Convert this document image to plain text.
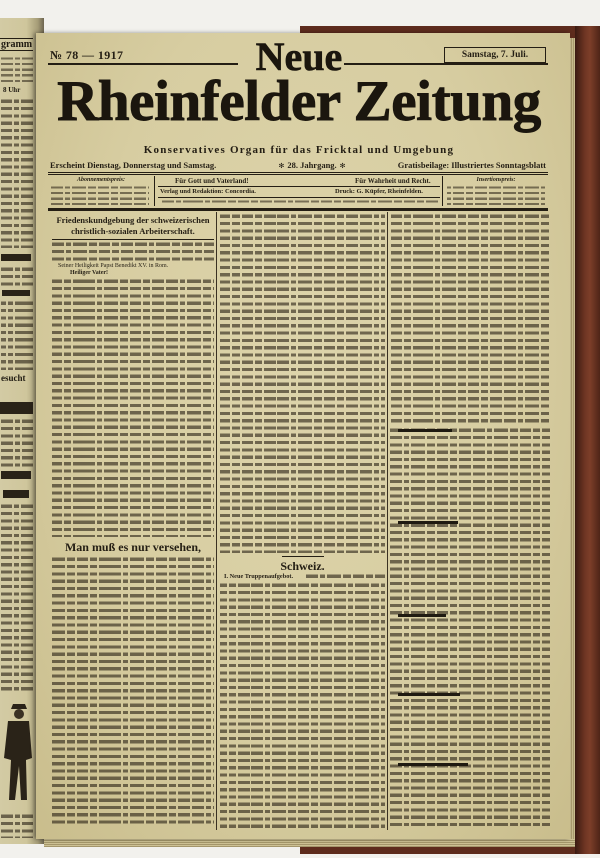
gramm
8 Uhr
esucht
№ 78 — 1917	Samstag, 7. Juli.
Neue
Rheinfelder Zeitung
Konservatives Organ für das Fricktal und Umgebung
Erscheint Dienstag, Donnerstag und Samstag. ✻	28. Jahrgang. ✻	Gratisbeilage: Illustriertes Sonntagsblatt
Abonnementspreis:	Für Gott und Vaterland!	Für Wahrheit und Recht.
Verlag und Redaktion: Concordia.	Druck: G. Küpfer, Rheinfelden.
Insertionspreis:
Friedenskundgebung der schweizerischen
christlich-sozialen Arbeiterschaft.
Seiner Heiligkeit Papst Benedikt XV. in Rom.
Heiliger Vater!
Man muß es nur versehen,
Schweiz.
I. Neue Truppenaufgebot.
